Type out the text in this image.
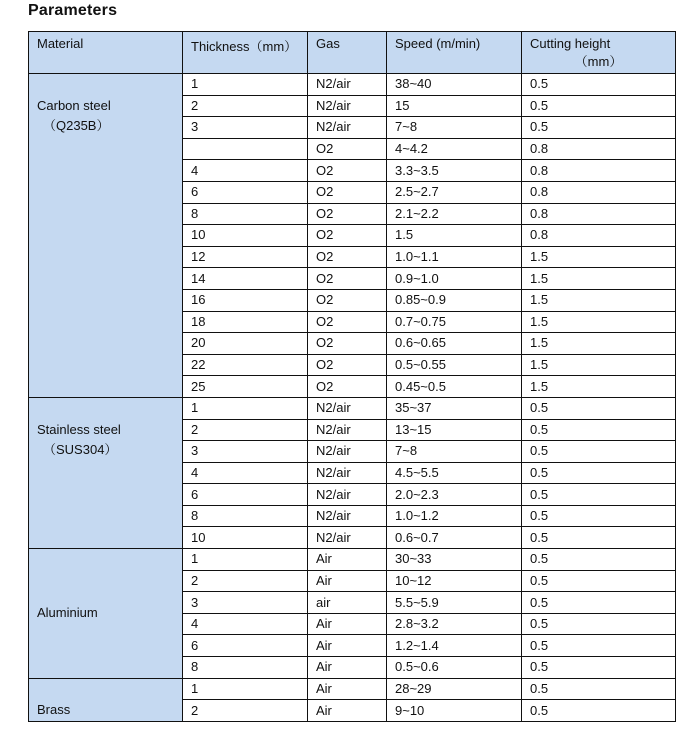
Parameters
Material	Thickness（mm）	Gas	Speed (m/min)	Cutting height
（mm）

Carbon steel
（Q235B）	1	N2/air	38~40	0.5
	2	N2/air	15	0.5
	3	N2/air	7~8	0.5
		O2	4~4.2	0.8
	4	O2	3.3~3.5	0.8
	6	O2	2.5~2.7	0.8
	8	O2	2.1~2.2	0.8
	10	O2	1.5	0.8
	12	O2	1.0~1.1	1.5
	14	O2	0.9~1.0	1.5
	16	O2	0.85~0.9	1.5
	18	O2	0.7~0.75	1.5
	20	O2	0.6~0.65	1.5
	22	O2	0.5~0.55	1.5
	25	O2	0.45~0.5	1.5

Stainless steel
（SUS304）	1	N2/air	35~37	0.5
	2	N2/air	13~15	0.5
	3	N2/air	7~8	0.5
	4	N2/air	4.5~5.5	0.5
	6	N2/air	2.0~2.3	0.5
	8	N2/air	1.0~1.2	0.5
	10	N2/air	0.6~0.7	0.5

Aluminium	1	Air	30~33	0.5
	2	Air	10~12	0.5
	3	air	5.5~5.9	0.5
	4	Air	2.8~3.2	0.5
	6	Air	1.2~1.4	0.5
	8	Air	0.5~0.6	0.5

Brass	1	Air	28~29	0.5
	2	Air	9~10	0.5
